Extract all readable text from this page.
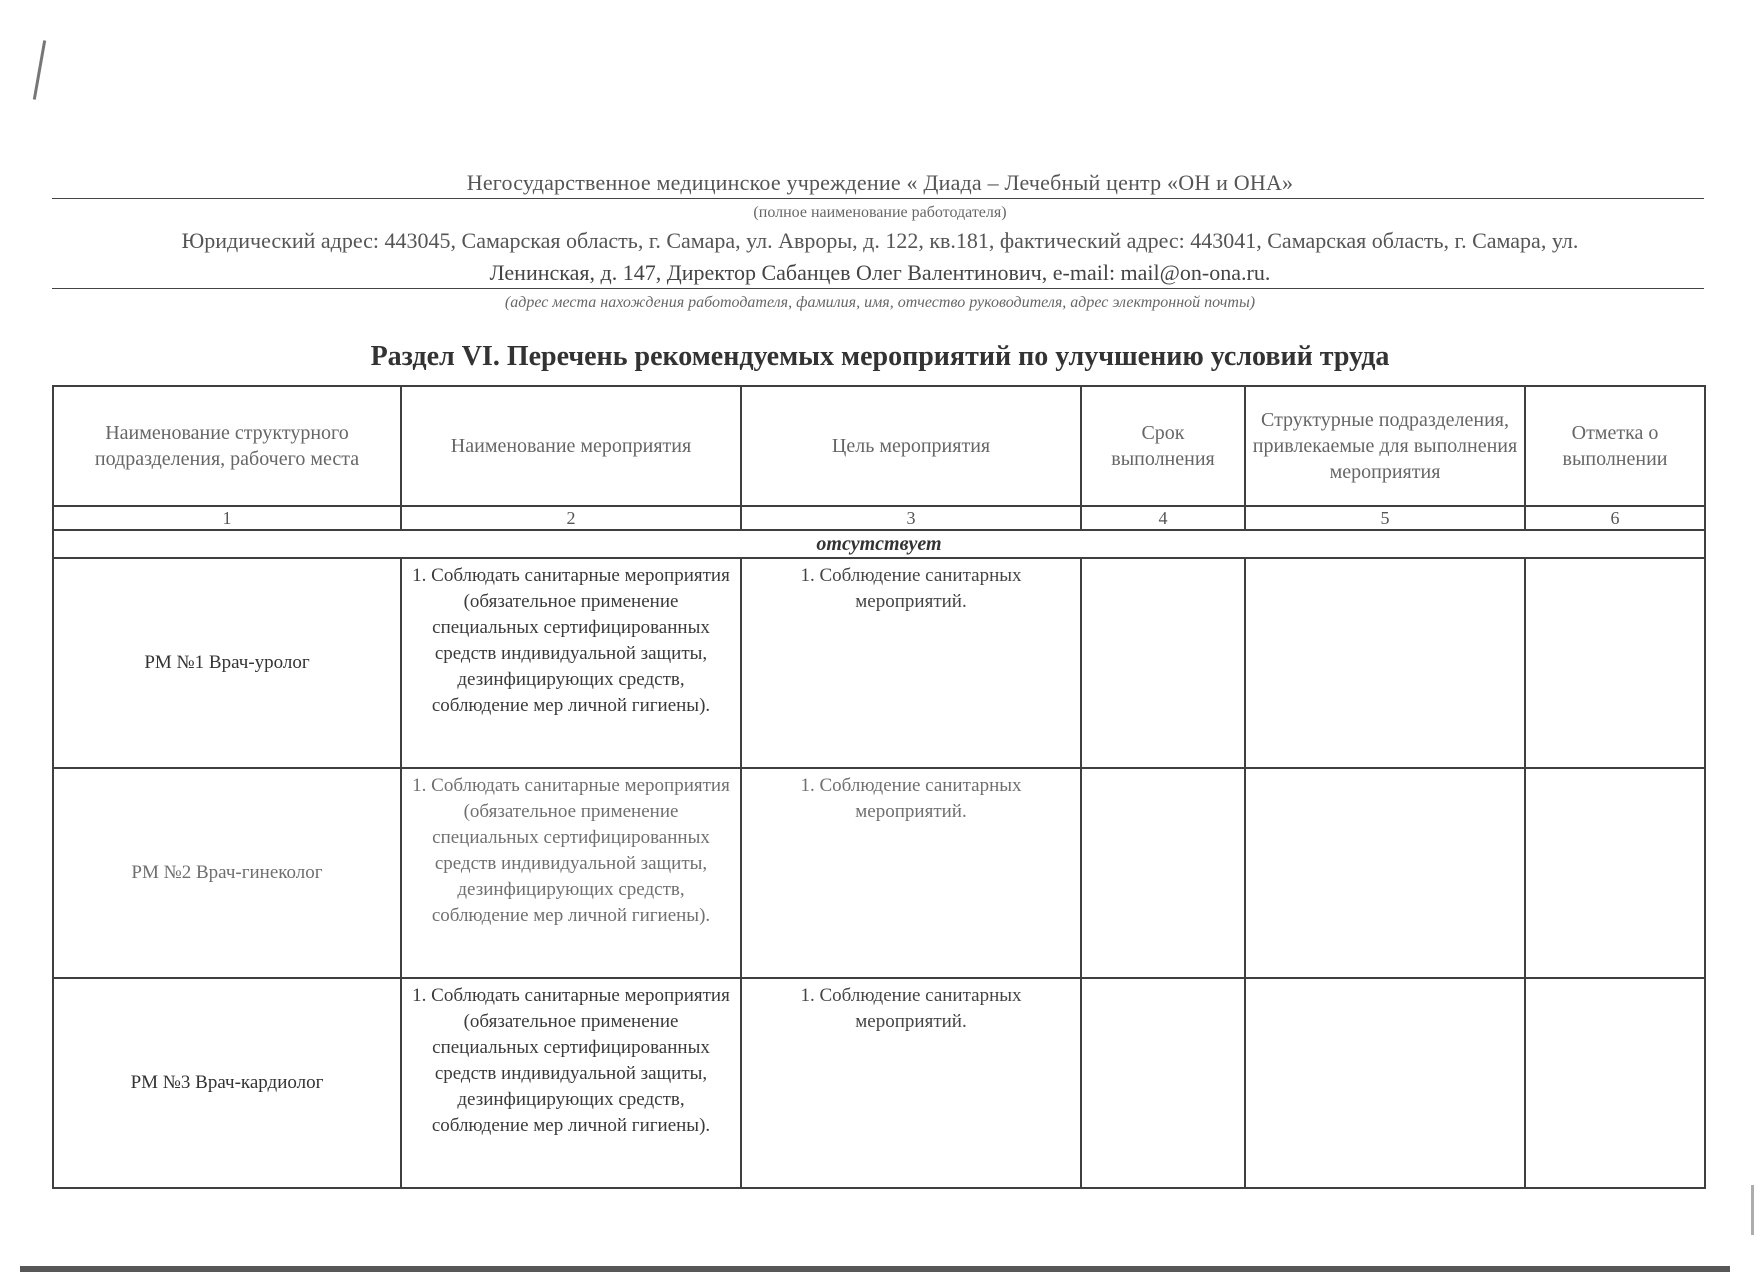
Негосударственное медицинское учреждение « Диада – Лечебный центр «ОН и ОНА»
(полное наименование работодателя)
Юридический адрес: 443045, Самарская область, г. Самара, ул. Авроры, д. 122, кв.181, фактический адрес: 443041, Самарская область, г. Самара, ул.
Ленинская, д. 147, Директор Сабанцев Олег Валентинович, e-mail: mail@on-ona.ru.
(адрес места нахождения работодателя, фамилия, имя, отчество руководителя, адрес электронной почты)
Раздел VI. Перечень рекомендуемых мероприятий по улучшению условий труда
Наименование структурного подразделения, рабочего места	Наименование мероприятия	Цель мероприятия	Срок выполнения	Структурные подразделения, привлекаемые для выполнения мероприятия	Отметка о выполнении
1	2	3	4	5	6
отсутствует					
РМ №1 Врач-уролог	1. Соблюдать санитарные мероприятия (обязательное применение специальных сертифицированных средств индивидуальной защиты, дезинфицирующих средств, соблюдение мер личной гигиены).	1. Соблюдение санитарных мероприятий.			
РМ №2 Врач-гинеколог	1. Соблюдать санитарные мероприятия (обязательное применение специальных сертифицированных средств индивидуальной защиты, дезинфицирующих средств, соблюдение мер личной гигиены).	1. Соблюдение санитарных мероприятий.			
РМ №3 Врач-кардиолог	1. Соблюдать санитарные мероприятия (обязательное применение специальных сертифицированных средств индивидуальной защиты, дезинфицирующих средств, соблюдение мер личной гигиены).	1. Соблюдение санитарных мероприятий.			
